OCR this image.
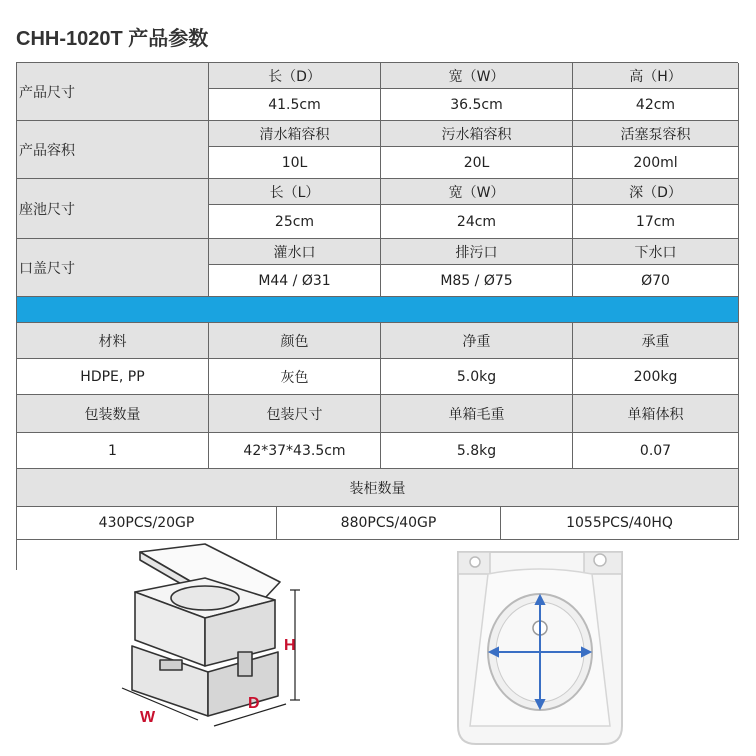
CHH-1020T 产品参数
产品尺寸
长（D）	宽（W）	高（H）
41.5cm	36.5cm	42cm
产品容积
清水箱容积	污水箱容积	活塞泵容积
10L	20L	200ml
座池尺寸
长（L）	宽（W）	深（D）
25cm	24cm	17cm
口盖尺寸
灌水口	排污口	下水口
M44 / Ø31	M85 / Ø75	Ø70
材料	颜色	净重	承重
HDPE, PP	灰色	5.0kg	200kg
包装数量	包装尺寸	单箱毛重	单箱体积
1	42*37*43.5cm	5.8kg	0.07
装柜数量
430PCS/20GP	880PCS/40GP	1055PCS/40HQ
H
W
D
